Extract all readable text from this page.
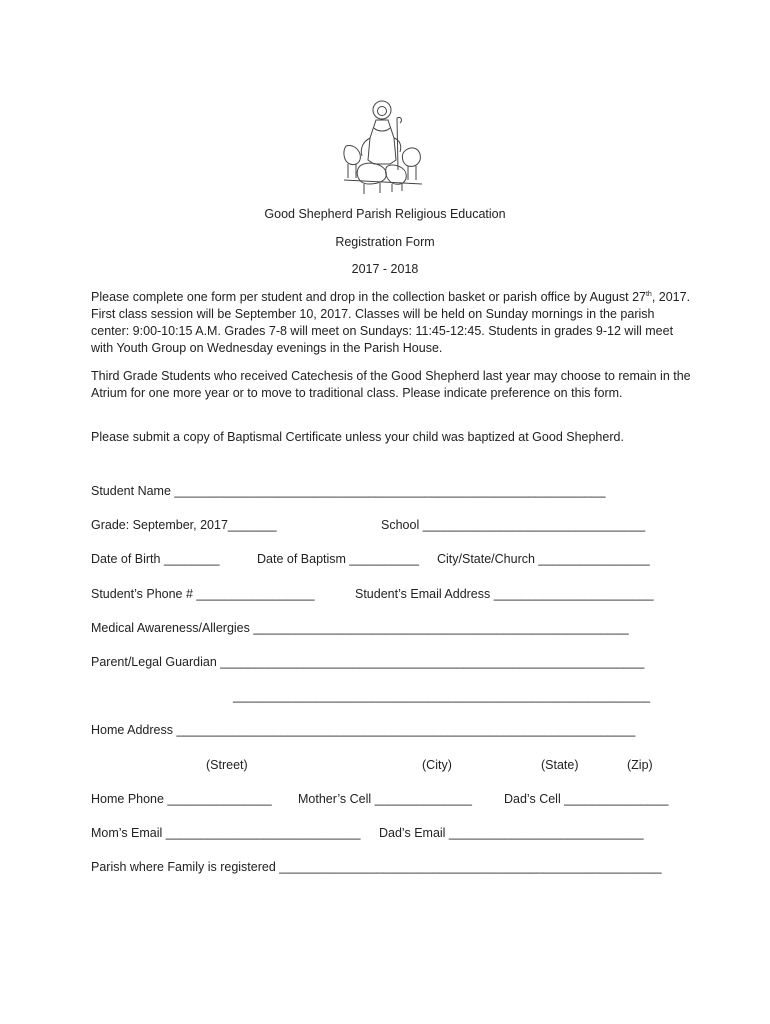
Good Shepherd Parish Religious Education
Registration Form
2017 - 2018

Please complete one form per student and drop in the collection basket or parish office by August 27th, 2017. First class session will be September 10, 2017. Classes will be held on Sunday mornings in the parish center: 9:00-10:15 A.M. Grades 7-8 will meet on Sundays: 11:45-12:45. Students in grades 9-12 will meet with Youth Group on Wednesday evenings in the Parish House.

Third Grade Students who received Catechesis of the Good Shepherd last year may choose to remain in the Atrium for one more year or to move to traditional class. Please indicate preference on this form.

Please submit a copy of Baptismal Certificate unless your child was baptized at Good Shepherd.

Student Name ______________________________________________________________
Grade: September, 2017_______	School ________________________________
Date of Birth ________	Date of Baptism __________ City/State/Church ________________
Student’s Phone # _________________	Student’s Email Address _______________________
Medical Awareness/Allergies ______________________________________________________
Parent/Legal Guardian _____________________________________________________________
____________________________________________________________
Home Address __________________________________________________________________
(Street)	(City)	(State)	(Zip)
Home Phone _______________ Mother’s Cell ______________	Dad’s Cell _______________
Mom’s Email ____________________________ Dad’s Email ____________________________
Parish where Family is registered _______________________________________________________
